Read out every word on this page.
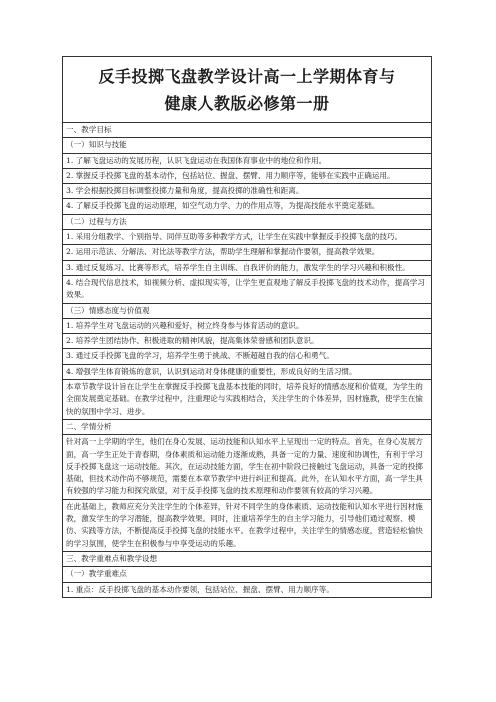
反手投掷飞盘教学设计高一上学期体育与
健康人教版必修第一册
一、教学目标
（一）知识与技能
1. 了解飞盘运动的发展历程，认识飞盘运动在我国体育事业中的地位和作用。
2. 掌握反手投掷飞盘的基本动作，包括站位、握盘、摆臂、用力顺序等，能够在实践中正确运用。
3. 学会根据投掷目标调整投掷力量和角度，提高投掷的准确性和距离。
4. 了解反手投掷飞盘的运动原理，如空气动力学、力的作用点等，为提高技能水平奠定基础。
（二）过程与方法
1. 采用分组教学、个别指导、同伴互助等多种教学方式，让学生在实践中掌握反手投掷飞盘的技巧。
2. 运用示范法、分解法、对比法等教学方法，帮助学生理解和掌握动作要领，提高教学效果。
3. 通过反复练习、比赛等形式，培养学生自主训练、自我评价的能力，激发学生的学习兴趣和积极性。
4. 结合现代信息技术，如视频分析、虚拟现实等，让学生更直观地了解反手投掷飞盘的技术动作，提高学习效果。
（三）情感态度与价值观
1. 培养学生对飞盘运动的兴趣和爱好，树立终身参与体育活动的意识。
2. 培养学生团结协作、积极进取的精神风貌，提高集体荣誉感和团队意识。
3. 通过反手投掷飞盘的学习，培养学生勇于挑战、不断超越自我的信心和勇气。
4. 增强学生体育锻炼的意识，认识到运动对身体健康的重要性，形成良好的生活习惯。
本章节教学设计旨在让学生在掌握反手投掷飞盘基本技能的同时，培养良好的情感态度和价值观，为学生的全面发展奠定基础。在教学过程中，注重理论与实践相结合，关注学生的个体差异，因材施教，使学生在愉快的氛围中学习、进步。
二、学情分析
针对高一上学期的学生，他们在身心发展、运动技能和认知水平上呈现出一定的特点。首先，在身心发展方面，高一学生正处于青春期，身体素质和运动能力逐渐成熟，具备一定的力量、速度和协调性，有利于学习反手投掷飞盘这一运动技能。其次，在运动技能方面，学生在初中阶段已接触过飞盘运动，具备一定的投掷基础，但技术动作尚不够规范，需要在本章节教学中进行纠正和提高。此外，在认知水平方面，高一学生具有较强的学习能力和探究欲望，对于反手投掷飞盘的技术原理和动作要领有较高的学习兴趣。
在此基础上，教师应充分关注学生的个体差异，针对不同学生的身体素质、运动技能和认知水平进行因材施教，激发学生的学习潜能，提高教学效果。同时，注重培养学生的自主学习能力，引导他们通过观察、模仿、实践等方法，不断提高反手投掷飞盘的技能水平。在教学过程中，关注学生的情感态度，营造轻松愉快的学习氛围，使学生在积极参与中享受运动的乐趣。
三、教学重难点和教学设想
（一）教学重难点
1. 重点：反手投掷飞盘的基本动作要领，包括站位、握盘、摆臂、用力顺序等。
